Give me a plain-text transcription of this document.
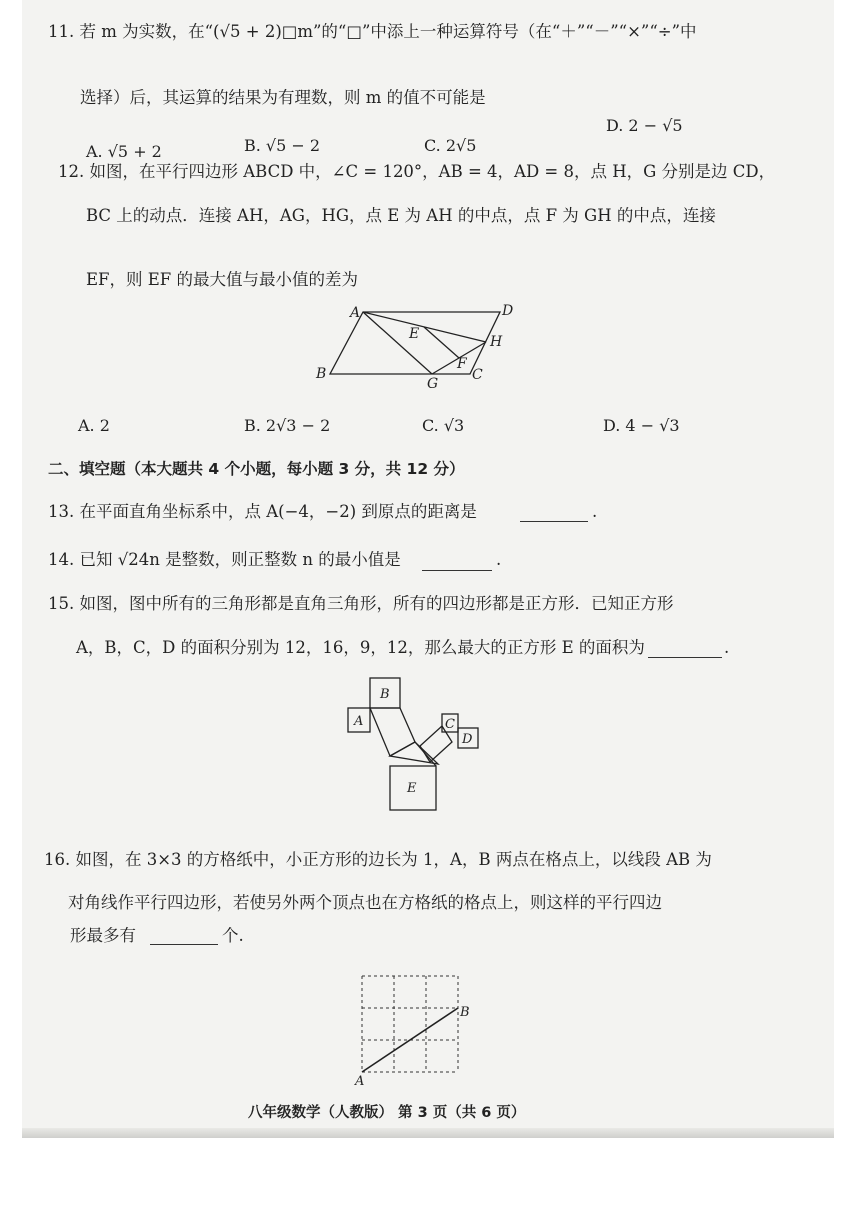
11. 若 m 为实数，在“(√5 + 2)□m”的“□”中添上一种运算符号（在“＋”“－”“×”“÷”中
选择）后，其运算的结果为有理数，则 m 的值不可能是
A. √5 + 2	B. √5 − 2	C. 2√5
D. 2 − √5
12. 如图，在平行四边形 ABCD 中，∠C = 120°，AB = 4，AD = 8，点 H，G 分别是边 CD，
BC 上的动点．连接 AH，AG，HG，点 E 为 AH 的中点，点 F 为 GH 的中点，连接
EF，则 EF 的最大值与最小值的差为
A	D
E	H
B
G
F
C
A. 2	B. 2√3 − 2	C. √3	D. 4 − √3
二、填空题（本大题共 4 个小题，每小题 3 分，共 12 分）
13. 在平面直角坐标系中，点 A(−4，−2) 到原点的距离是	.
14. 已知 √24n 是整数，则正整数 n 的最小值是	.
15. 如图，图中所有的三角形都是直角三角形，所有的四边形都是正方形．已知正方形
A，B，C，D 的面积分别为 12，16，9，12，那么最大的正方形 E 的面积为	.
B
A	C
D
E
16. 如图，在 3×3 的方格纸中，小正方形的边长为 1，A，B 两点在格点上，以线段 AB 为
对角线作平行四边形，若使另外两个顶点也在方格纸的格点上，则这样的平行四边
形最多有	个.
A
B
八年级数学（人教版） 第 3 页（共 6 页）
